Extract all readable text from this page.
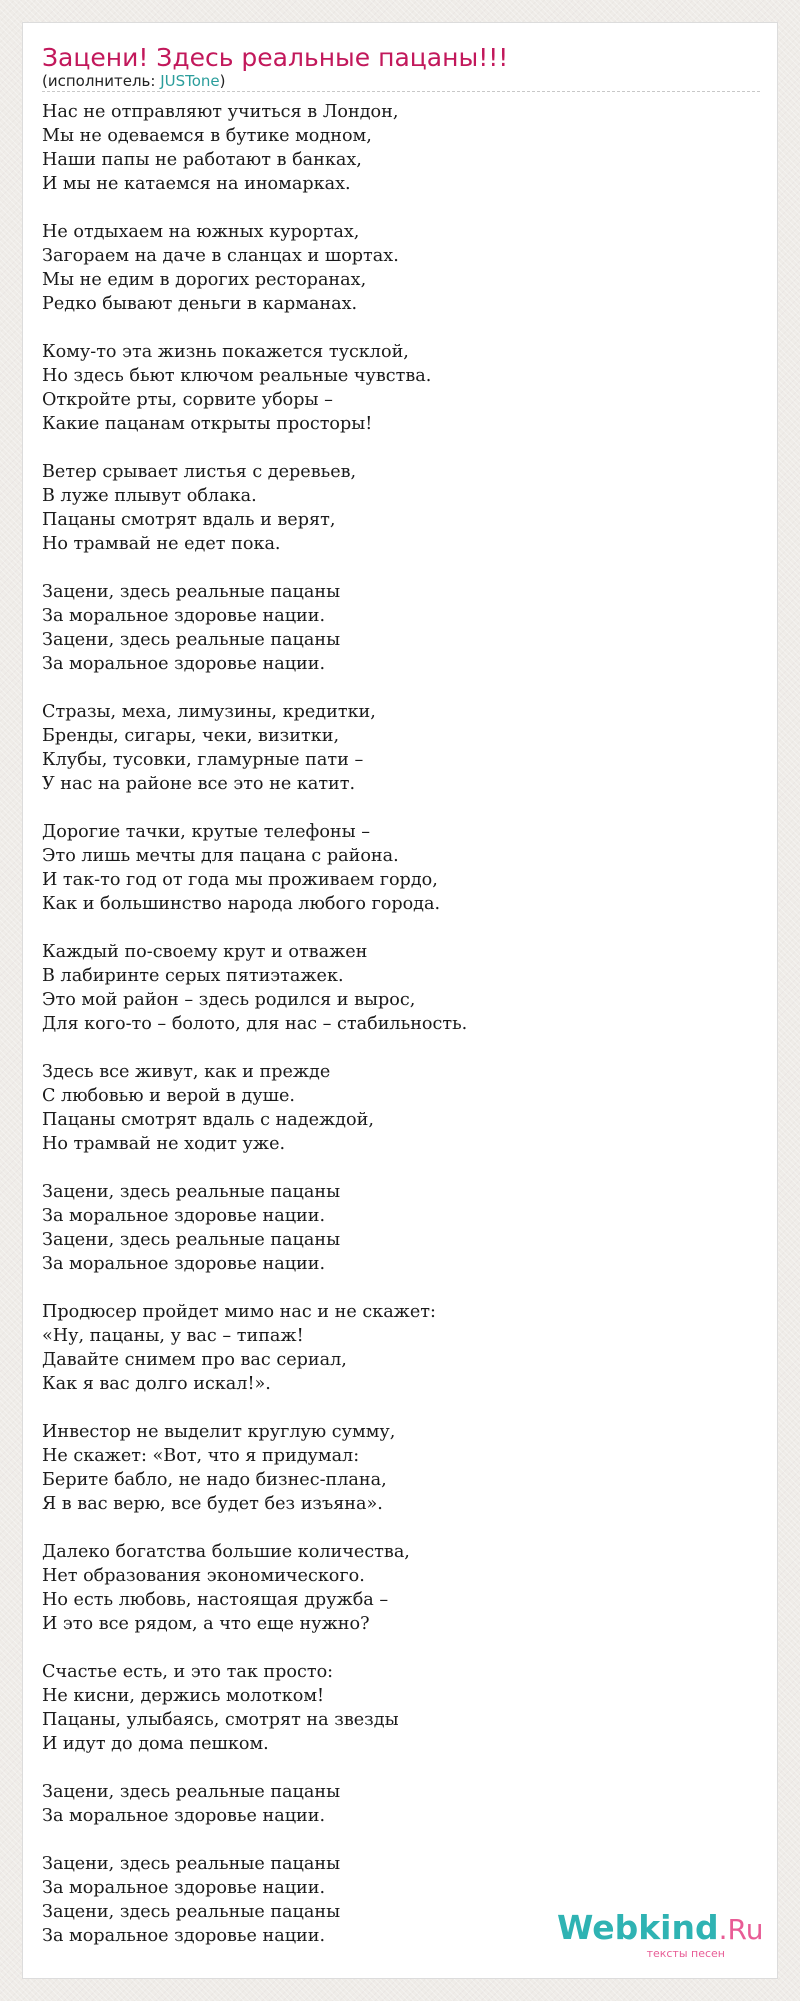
Зацени! Здесь реальные пацаны!!!
(исполнитель: JUSTone)

Нас не отправляют учиться в Лондон,
Мы не одеваемся в бутике модном,
Наши папы не работают в банках,
И мы не катаемся на иномарках.

Не отдыхаем на южных курортах,
Загораем на даче в сланцах и шортах.
Мы не едим в дорогих ресторанах,
Редко бывают деньги в карманах.

Кому-то эта жизнь покажется тусклой,
Но здесь бьют ключом реальные чувства.
Откройте рты, сорвите уборы –
Какие пацанам открыты просторы!

Ветер срывает листья с деревьев,
В луже плывут облака.
Пацаны смотрят вдаль и верят,
Но трамвай не едет пока.

Зацени, здесь реальные пацаны
За моральное здоровье нации.
Зацени, здесь реальные пацаны
За моральное здоровье нации.

Стразы, меха, лимузины, кредитки,
Бренды, сигары, чеки, визитки,
Клубы, тусовки, гламурные пати –
У нас на районе все это не катит.

Дорогие тачки, крутые телефоны –
Это лишь мечты для пацана с района.
И так-то год от года мы проживаем гордо,
Как и большинство народа любого города.

Каждый по-своему крут и отважен
В лабиринте серых пятиэтажек.
Это мой район – здесь родился и вырос,
Для кого-то – болото, для нас – стабильность.

Здесь все живут, как и прежде
С любовью и верой в душе.
Пацаны смотрят вдаль с надеждой,
Но трамвай не ходит уже.

Зацени, здесь реальные пацаны
За моральное здоровье нации.
Зацени, здесь реальные пацаны
За моральное здоровье нации.

Продюсер пройдет мимо нас и не скажет:
«Ну, пацаны, у вас – типаж!
Давайте снимем про вас сериал,
Как я вас долго искал!».

Инвестор не выделит круглую сумму,
Не скажет: «Вот, что я придумал:
Берите бабло, не надо бизнес-плана,
Я в вас верю, все будет без изъяна».

Далеко богатства большие количества,
Нет образования экономического.
Но есть любовь, настоящая дружба –
И это все рядом, а что еще нужно?

Счастье есть, и это так просто:
Не кисни, держись молотком!
Пацаны, улыбаясь, смотрят на звезды
И идут до дома пешком.

Зацени, здесь реальные пацаны
За моральное здоровье нации.

Зацени, здесь реальные пацаны
За моральное здоровье нации.
Зацени, здесь реальные пацаны
За моральное здоровье нации.	Webkind.Ru
тексты песен
